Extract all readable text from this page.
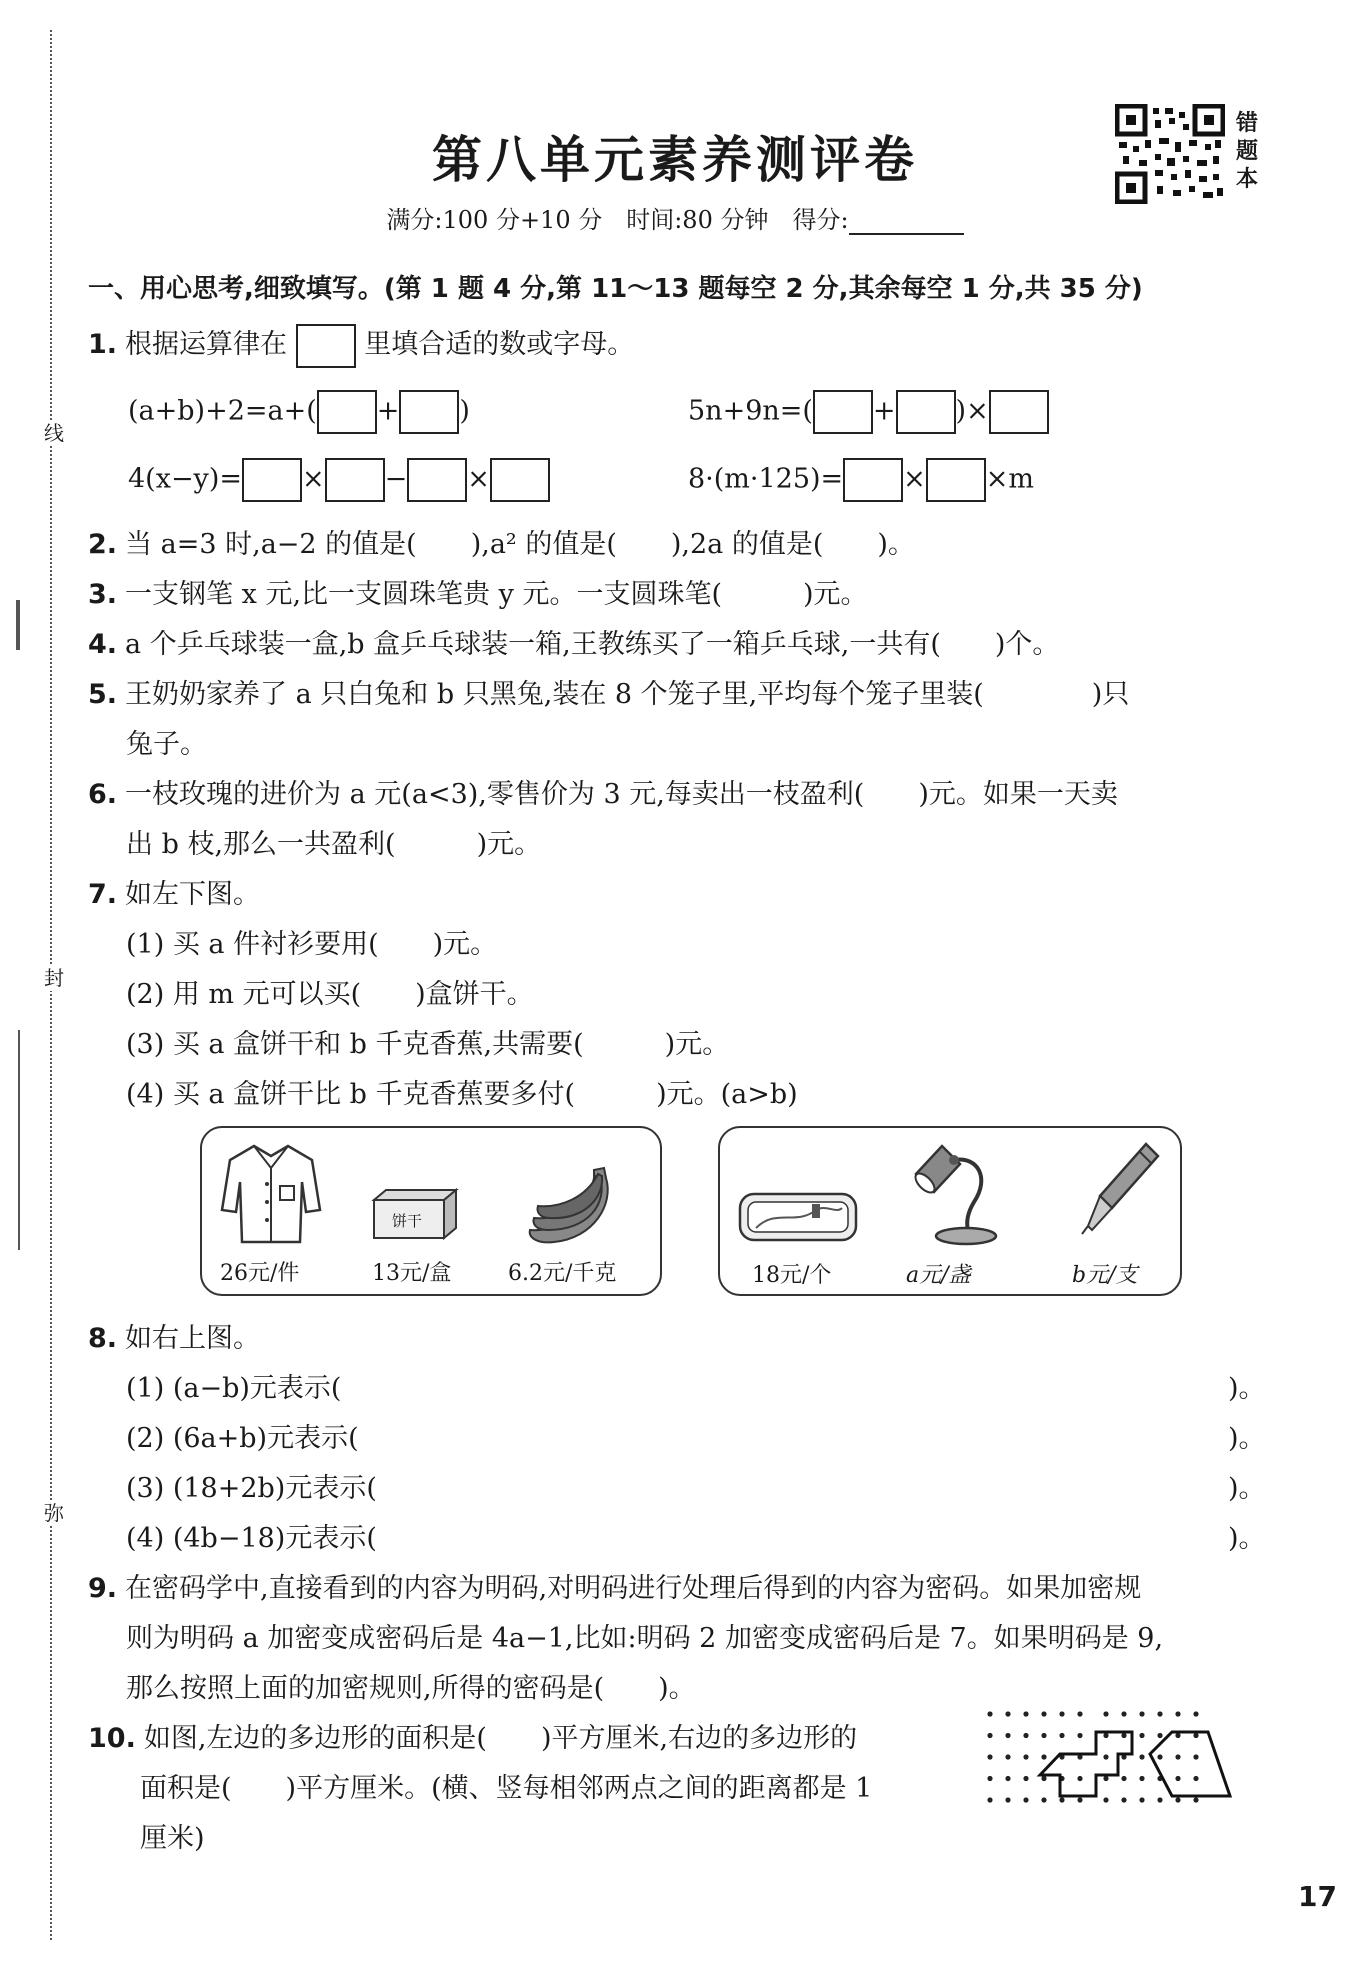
线
封
弥
第八单元素养测评卷
满分:100 分+10 分　时间:80 分钟　得分:
错题本
一、用心思考,细致填写。(第 1 题 4 分,第 11～13 题每空 2 分,其余每空 1 分,共 35 分)
1. 根据运算律在	里填合适的数或字母。
(a+b)+2=a+( + )	5n+9n=( + )×
4(x−y)= × − ×	8·(m·125)= × ×m
2. 当 a=3 时,a−2 的值是(　　),a² 的值是(　　),2a 的值是(　　)。
3. 一支钢笔 x 元,比一支圆珠笔贵 y 元。一支圆珠笔(　　　)元。
4. a 个乒乓球装一盒,b 盒乒乓球装一箱,王教练买了一箱乒乓球,一共有(　　)个。
5. 王奶奶家养了 a 只白兔和 b 只黑兔,装在 8 个笼子里,平均每个笼子里装(　　　　)只
兔子。
6. 一枝玫瑰的进价为 a 元(a<3),零售价为 3 元,每卖出一枝盈利(　　)元。如果一天卖
出 b 枝,那么一共盈利(　　　)元。
7. 如左下图。
(1) 买 a 件衬衫要用(　　)元。
(2) 用 m 元可以买(　　)盒饼干。
(3) 买 a 盒饼干和 b 千克香蕉,共需要(　　　)元。
(4) 买 a 盒饼干比 b 千克香蕉要多付(　　　)元。(a>b)
饼干
26元/件	13元/盒	6.2元/千克	18元/个	a元/盏	b元/支
8. 如右上图。
(1) (a−b)元表示(	)。
(2) (6a+b)元表示(	)。
(3) (18+2b)元表示(	)。
(4) (4b−18)元表示(	)。
9. 在密码学中,直接看到的内容为明码,对明码进行处理后得到的内容为密码。如果加密规
则为明码 a 加密变成密码后是 4a−1,比如:明码 2 加密变成密码后是 7。如果明码是 9,
那么按照上面的加密规则,所得的密码是(　　)。
10. 如图,左边的多边形的面积是(　　)平方厘米,右边的多边形的
面积是(　　)平方厘米。(横、竖每相邻两点之间的距离都是 1
厘米)
17
